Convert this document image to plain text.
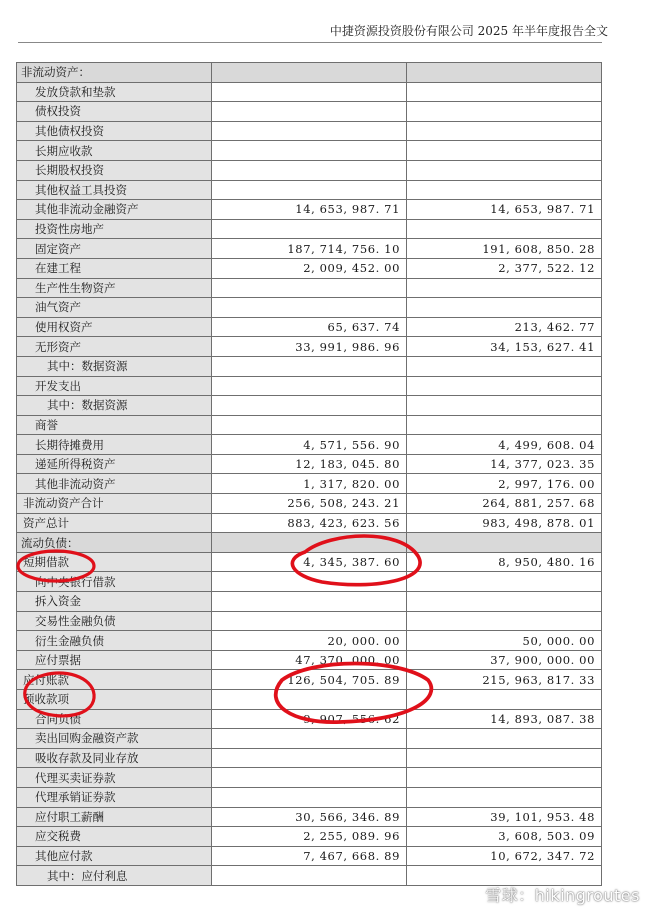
中捷资源投资股份有限公司 2025 年半年度报告全文
非流动资产：		
发放贷款和垫款		
债权投资		
其他债权投资		
长期应收款		
长期股权投资		
其他权益工具投资		
其他非流动金融资产	14, 653, 987. 71	14, 653, 987. 71
投资性房地产		
固定资产	187, 714, 756. 10	191, 608, 850. 28
在建工程	2, 009, 452. 00	2, 377, 522. 12
生产性生物资产		
油气资产		
使用权资产	65, 637. 74	213, 462. 77
无形资产	33, 991, 986. 96	34, 153, 627. 41
其中：数据资源		
开发支出		
其中：数据资源		
商誉		
长期待摊费用	4, 571, 556. 90	4, 499, 608. 04
递延所得税资产	12, 183, 045. 80	14, 377, 023. 35
其他非流动资产	1, 317, 820. 00	2, 997, 176. 00
非流动资产合计	256, 508, 243. 21	264, 881, 257. 68
资产总计	883, 423, 623. 56	983, 498, 878. 01
流动负债：		
短期借款	4, 345, 387. 60	8, 950, 480. 16
向中央银行借款		
拆入资金		
交易性金融负债		
衍生金融负债	20, 000. 00	50, 000. 00
应付票据	47, 370, 000. 00	37, 900, 000. 00
应付账款	126, 504, 705. 89	215, 963, 817. 33
预收款项		
合同负债	9, 907, 556. 62	14, 893, 087. 38
卖出回购金融资产款		
吸收存款及同业存放		
代理买卖证券款		
代理承销证券款		
应付职工薪酬	30, 566, 346. 89	39, 101, 953. 48
应交税费	2, 255, 089. 96	3, 608, 503. 09
其他应付款	7, 467, 668. 89	10, 672, 347. 72
其中：应付利息		
雪球：hikingroutes
